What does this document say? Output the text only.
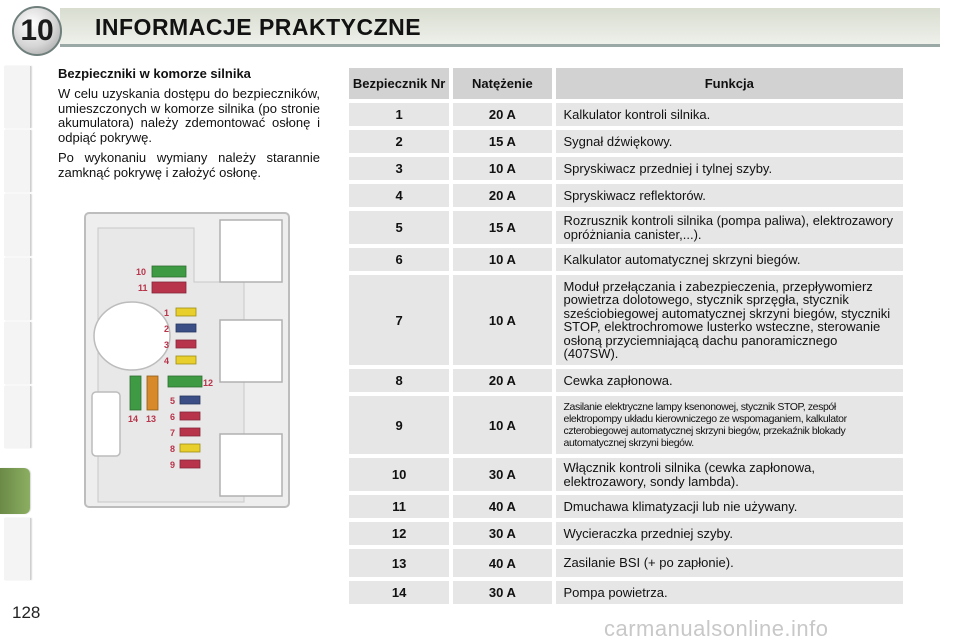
10	INFORMACJE PRAKTYCZNE
Bezpieczniki w komorze silnika

W celu uzyskania dostępu do bezpieczników, umieszczonych w komorze silnika (po stronie akumulatora) należy zdemontować osłonę i odpiąć pokrywę.

Po wykonaniu wymiany należy starannie zamknąć pokrywę i założyć osłonę.

10
11
1
2
3
4
12
5
6
7
8
9
14 13
Bezpiecznik Nr	Natężenie	Funkcja
1	20 A	Kalkulator kontroli silnika.
2	15 A	Sygnał dźwiękowy.
3	10 A	Spryskiwacz przedniej i tylnej szyby.
4	20 A	Spryskiwacz reflektorów.
5	15 A	Rozrusznik kontroli silnika (pompa paliwa), elektrozawory opróżniania canister,...).
6	10 A	Kalkulator automatycznej skrzyni biegów.
7	10 A
Moduł przełączania i zabezpieczenia, przepływomierz powietrza dolotowego, stycznik sprzęgła, stycznik sześciobiegowej automatycznej skrzyni biegów, styczniki STOP, elektrochromowe lusterko wsteczne, sterowanie osłoną przyciemniającą dachu panoramicznego (407SW).
8	20 A	Cewka zapłonowa.
9	10 A
Zasilanie elektryczne lampy ksenonowej, stycznik STOP, zespół elektropompy układu kierowniczego ze wspomaganiem, kalkulator czterobiegowej automatycznej skrzyni biegów, przekaźnik blokady automatycznej skrzyni biegów.
10	30 A	Włącznik kontroli silnika (cewka zapłonowa, elektrozawory, sondy lambda).
11	40 A	Dmuchawa klimatyzacji lub nie używany.
12	30 A	Wycieraczka przedniej szyby.
13	40 A	Zasilanie BSI (+ po zapłonie).
14	30 A	Pompa powietrza.
128
carmanualsonline.info
